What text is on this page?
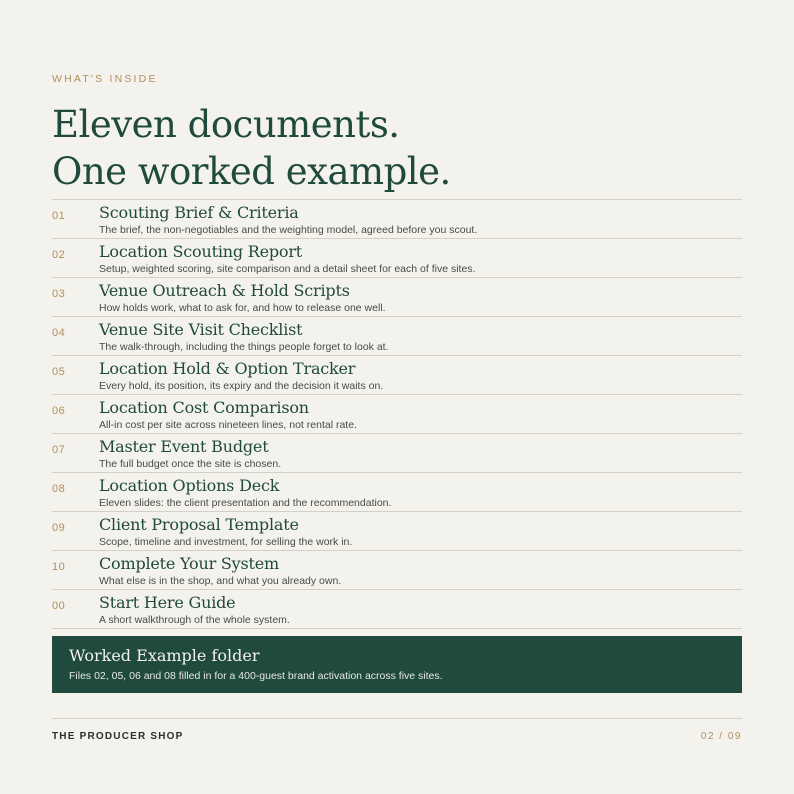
WHAT'S INSIDE
Eleven documents.
One worked example.
01 Scouting Brief & Criteria
The brief, the non-negotiables and the weighting model, agreed before you scout.
02 Location Scouting Report
Setup, weighted scoring, site comparison and a detail sheet for each of five sites.
03 Venue Outreach & Hold Scripts
How holds work, what to ask for, and how to release one well.
04 Venue Site Visit Checklist
The walk-through, including the things people forget to look at.
05 Location Hold & Option Tracker
Every hold, its position, its expiry and the decision it waits on.
06 Location Cost Comparison
All-in cost per site across nineteen lines, not rental rate.
07 Master Event Budget
The full budget once the site is chosen.
08 Location Options Deck
Eleven slides: the client presentation and the recommendation.
09 Client Proposal Template
Scope, timeline and investment, for selling the work in.
10 Complete Your System
What else is in the shop, and what you already own.
00 Start Here Guide
A short walkthrough of the whole system.
Worked Example folder
Files 02, 05, 06 and 08 filled in for a 400-guest brand activation across five sites.
THE PRODUCER SHOP	02 / 09
